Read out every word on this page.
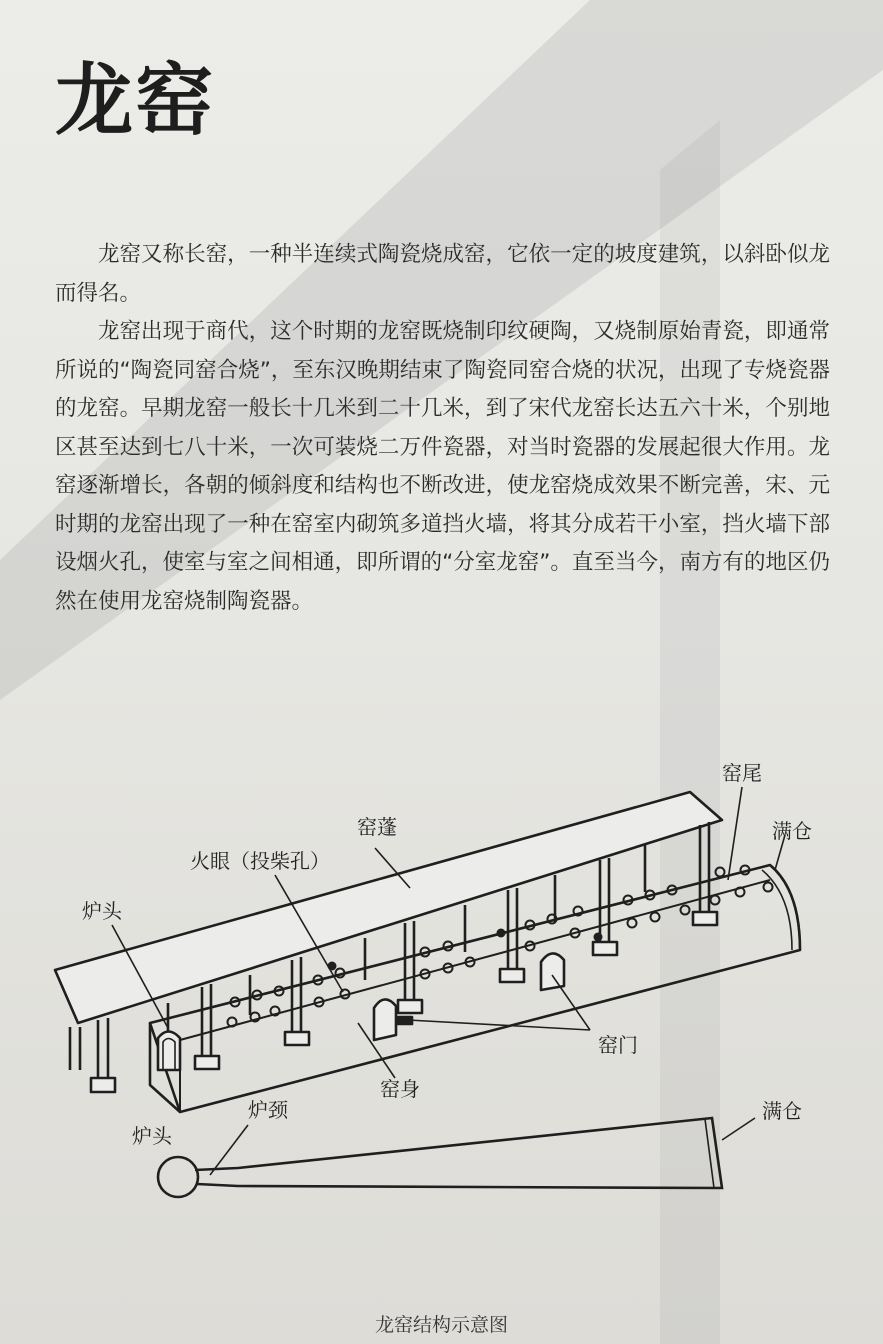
龙窑

龙窑又称长窑，一种半连续式陶瓷烧成窑，它依一定的坡度建筑，以斜卧似龙而得名。

龙窑出现于商代，这个时期的龙窑既烧制印纹硬陶，又烧制原始青瓷，即通常所说的“陶瓷同窑合烧”，至东汉晚期结束了陶瓷同窑合烧的状况，出现了专烧瓷器的龙窑。早期龙窑一般长十几米到二十几米，到了宋代龙窑长达五六十米，个别地区甚至达到七八十米，一次可装烧二万件瓷器，对当时瓷器的发展起很大作用。龙窑逐渐增长，各朝的倾斜度和结构也不断改进，使龙窑烧成效果不断完善，宋、元时期的龙窑出现了一种在窑室内砌筑多道挡火墙，将其分成若干小室，挡火墙下部设烟火孔，使室与室之间相通，即所谓的“分室龙窑”。直至当今，南方有的地区仍然在使用龙窑烧制陶瓷器。

窑尾
满仓
窑蓬
火眼（投柴孔）
炉头
窑门
窑身
炉颈
炉头
满仓
龙窑结构示意图
